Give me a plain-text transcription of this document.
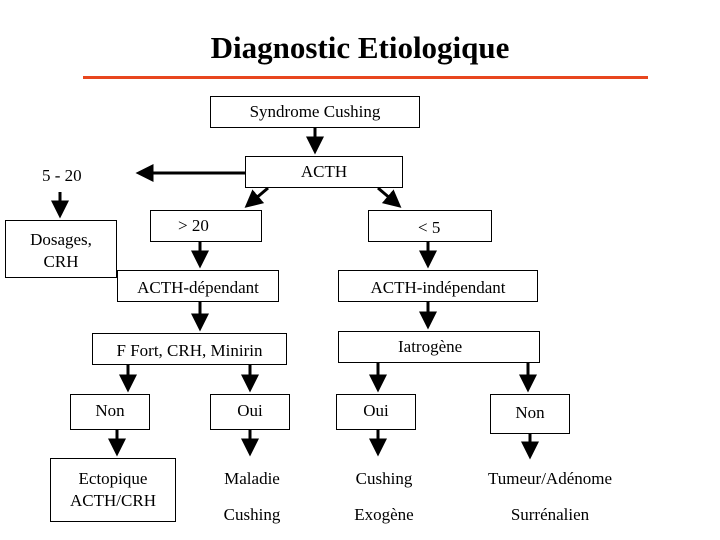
Diagnostic Etiologique
Syndrome Cushing
ACTH
5 - 20
Dosages,
CRH
> 20	< 5
ACTH-dépendant	ACTH-indépendant
F Fort, CRH, Minirin	Iatrogène
Non	Oui	Oui	Non
Ectopique
ACTH/CRH
Maladie
Cushing
Cushing
Exogène
Tumeur/Adénome
Surrénalien
